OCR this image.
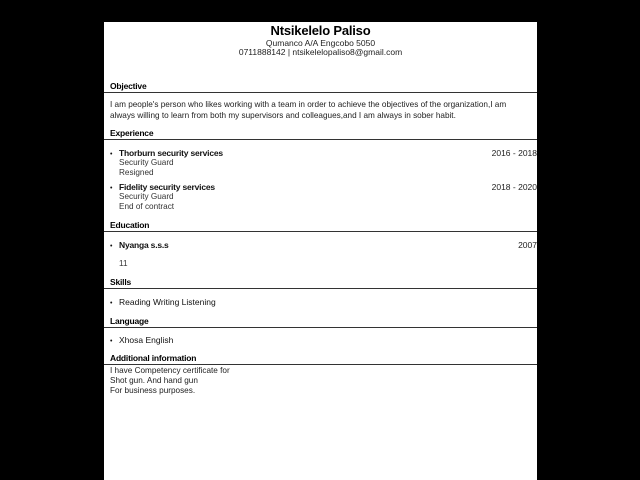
Ntsikelelo Paliso
Qumanco A/A Engcobo 5050
0711888142 | ntsikelelopaliso8@gmail.com
Objective
I am people's person who likes working with a team in order to achieve the objectives of the organization,I am always willing to learn from both my supervisors and colleagues,and I am always in sober habit.
Experience
• Thorburn security services	2016 - 2018
Security Guard
Resigned
• Fidelity security services	2018 - 2020
Security Guard
End of contract
Education
• Nyanga s.s.s	2007
11
Skills
• Reading Writing Listening
Language
• Xhosa English
Additional information
I have Competency certificate for
Shot gun. And hand gun
For business purposes.
